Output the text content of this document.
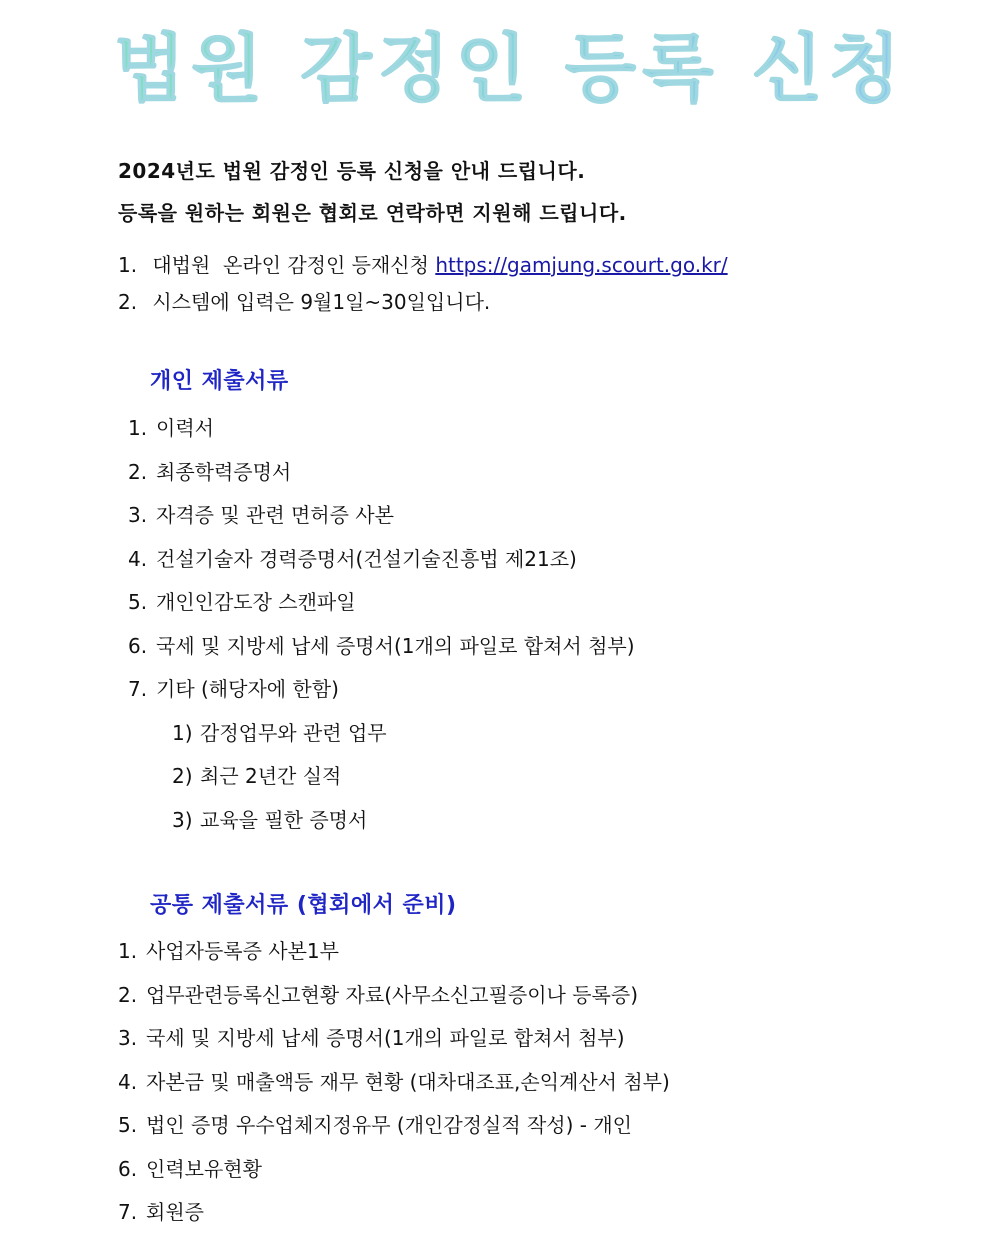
법원 감정인 등록 신청
2024년도 법원 감정인 등록 신청을 안내 드립니다.
등록을 원하는 회원은 협회로 연락하면 지원해 드립니다.
1. 대법원  온라인 감정인 등재신청 https://gamjung.scourt.go.kr/
2. 시스템에 입력은 9월1일~30일입니다.
개인 제출서류
1. 이력서
2. 최종학력증명서
3. 자격증 및 관련 면허증 사본
4. 건설기술자 경력증명서(건설기술진흥법 제21조)
5. 개인인감도장 스캔파일
6. 국세 및 지방세 납세 증명서(1개의 파일로 합쳐서 첨부)
7. 기타 (해당자에 한함)
1) 감정업무와 관련 업무
2) 최근 2년간 실적
3) 교육을 필한 증명서
공통 제출서류 (협회에서 준비)
1. 사업자등록증 사본1부
2. 업무관련등록신고현황 자료(사무소신고필증이나 등록증)
3. 국세 및 지방세 납세 증명서(1개의 파일로 합쳐서 첨부)
4. 자본금 및 매출액등 재무 현황 (대차대조표,손익계산서 첨부)
5. 법인 증명 우수업체지정유무 (개인감정실적 작성) - 개인
6. 인력보유현황
7. 회원증
